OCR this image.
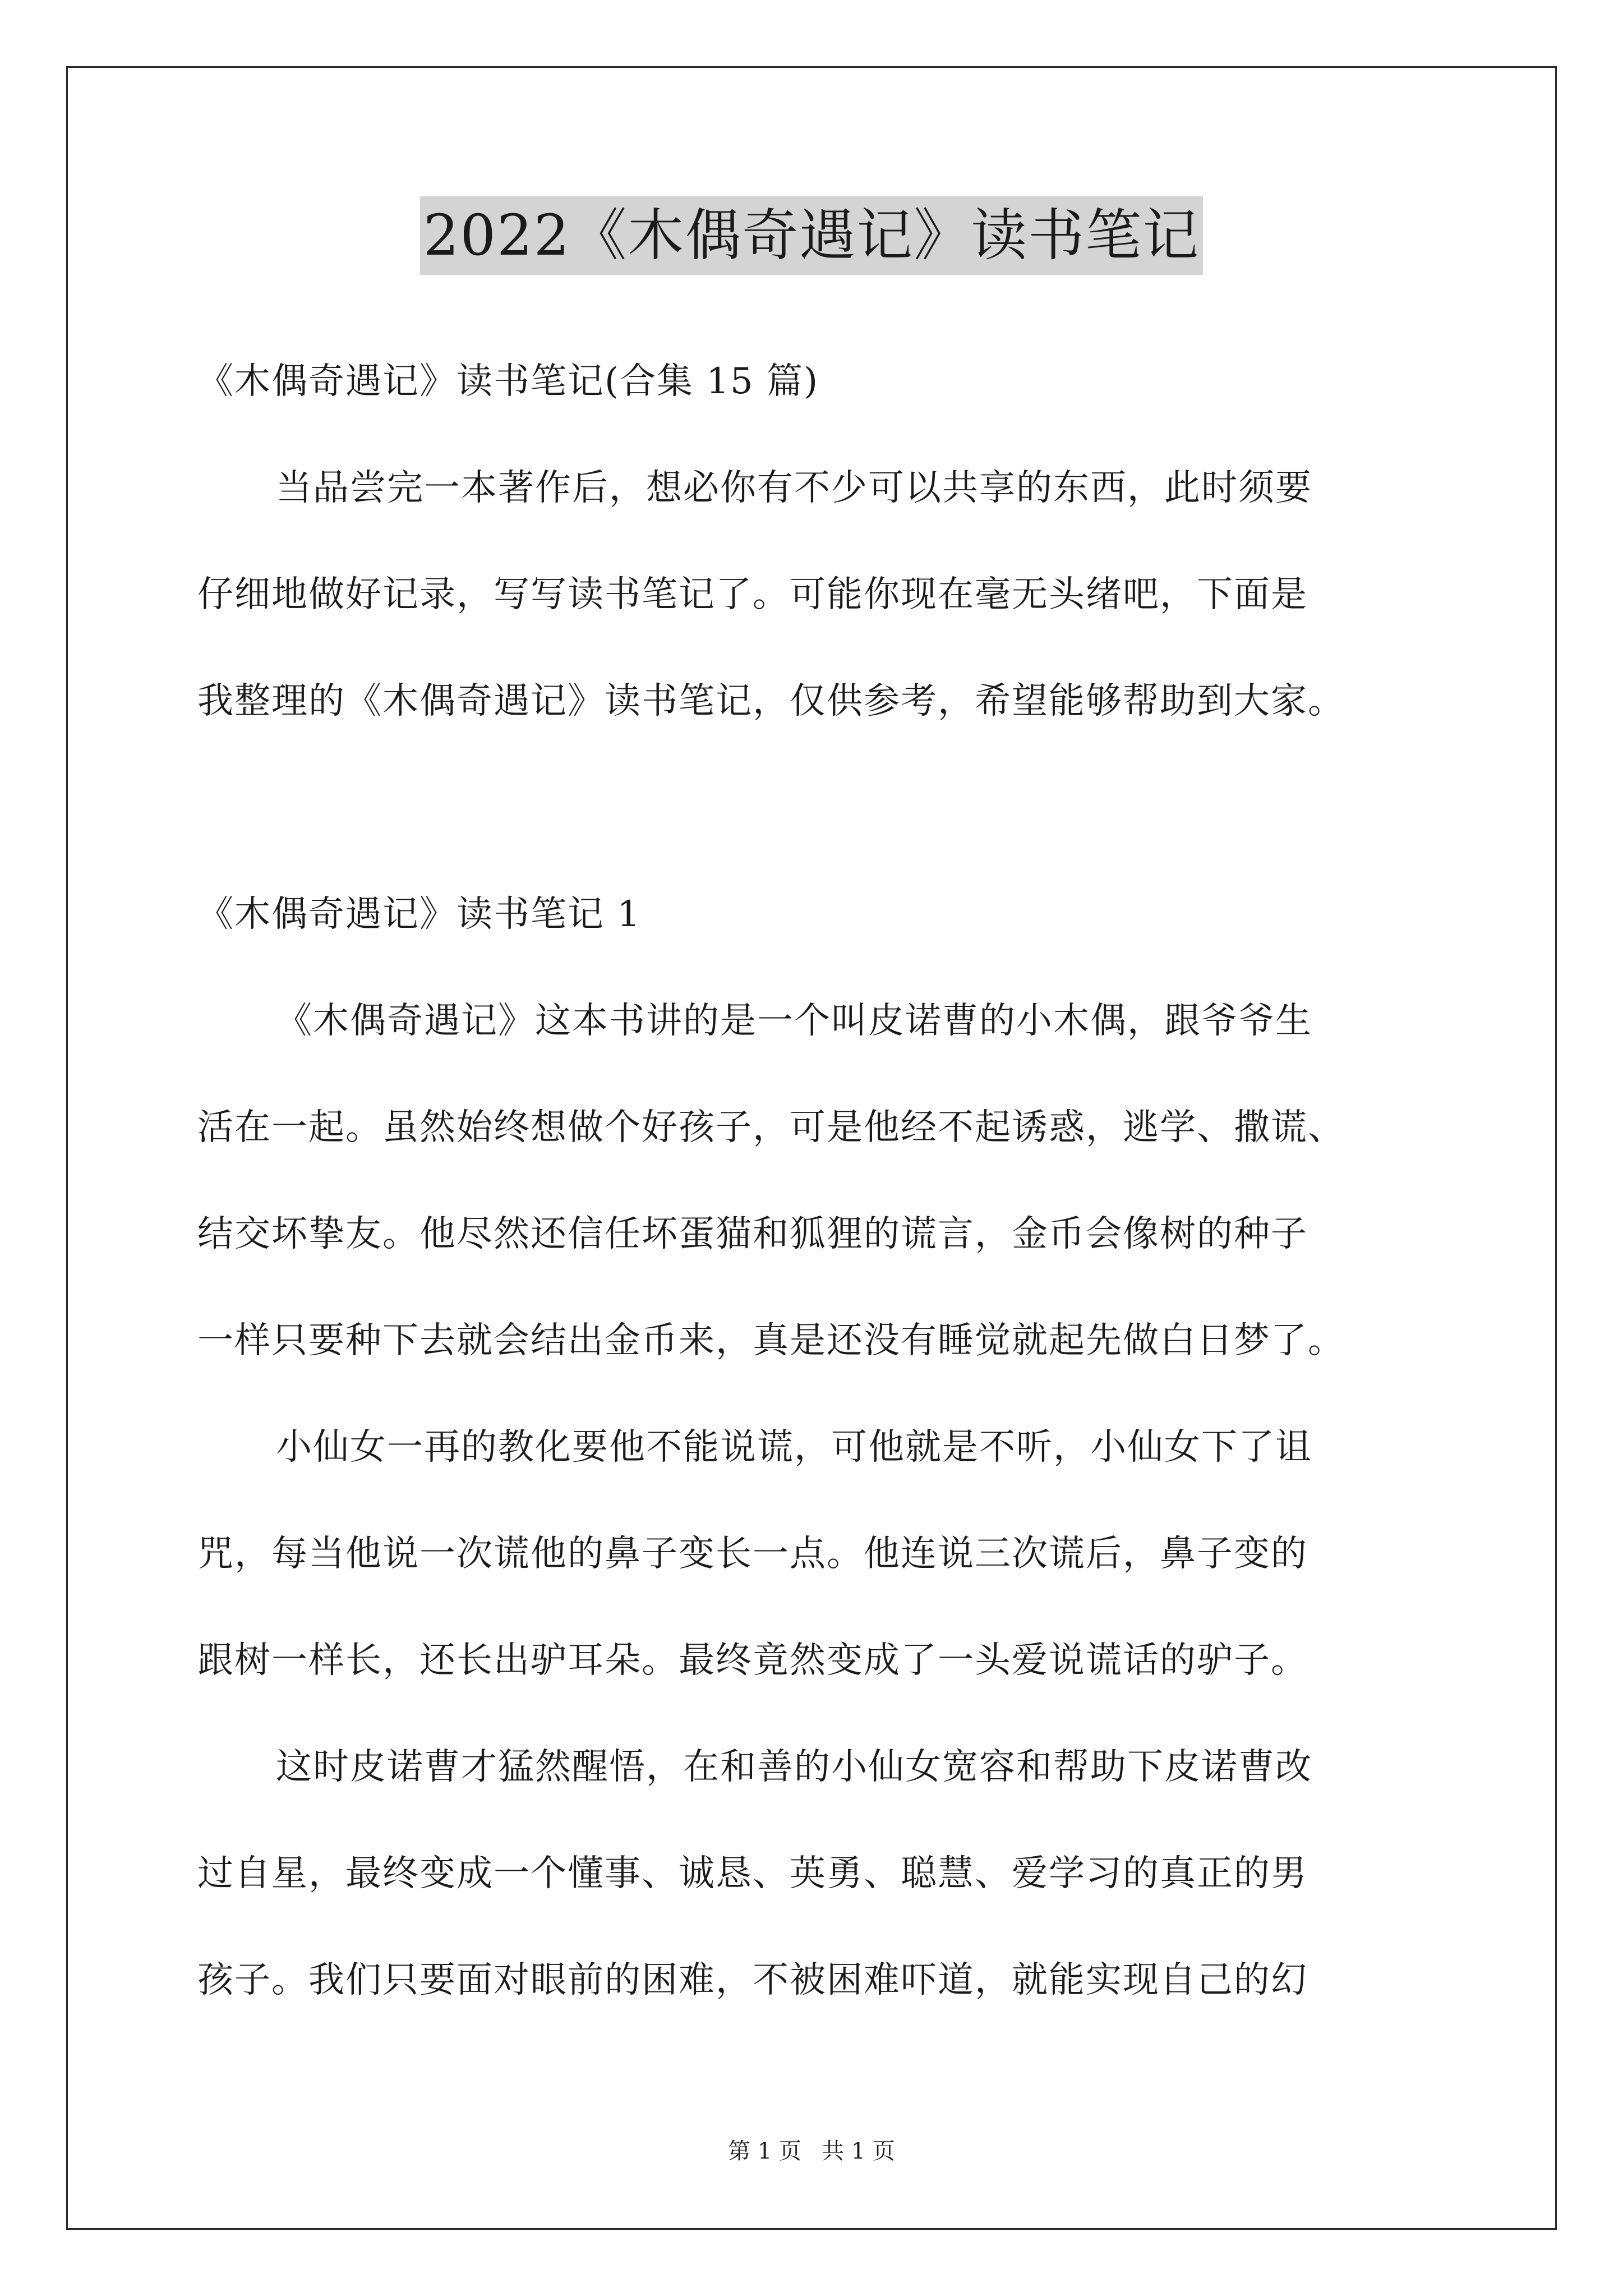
2022《木偶奇遇记》读书笔记
《木偶奇遇记》读书笔记(合集 15 篇)
当品尝完一本著作后，想必你有不少可以共享的东西，此时须要
仔细地做好记录，写写读书笔记了。可能你现在毫无头绪吧，下面是
我整理的《木偶奇遇记》读书笔记，仅供参考，希望能够帮助到大家。
《木偶奇遇记》读书笔记 1
《木偶奇遇记》这本书讲的是一个叫皮诺曹的小木偶，跟爷爷生
活在一起。虽然始终想做个好孩子，可是他经不起诱惑，逃学、撒谎、
结交坏挚友。他尽然还信任坏蛋猫和狐狸的谎言，金币会像树的种子
一样只要种下去就会结出金币来，真是还没有睡觉就起先做白日梦了。
小仙女一再的教化要他不能说谎，可他就是不听，小仙女下了诅
咒，每当他说一次谎他的鼻子变长一点。他连说三次谎后，鼻子变的
跟树一样长，还长出驴耳朵。最终竟然变成了一头爱说谎话的驴子。
这时皮诺曹才猛然醒悟，在和善的小仙女宽容和帮助下皮诺曹改
过自星，最终变成一个懂事、诚恳、英勇、聪慧、爱学习的真正的男
孩子。我们只要面对眼前的困难，不被困难吓道，就能实现自己的幻
第 1 页 共 1 页
